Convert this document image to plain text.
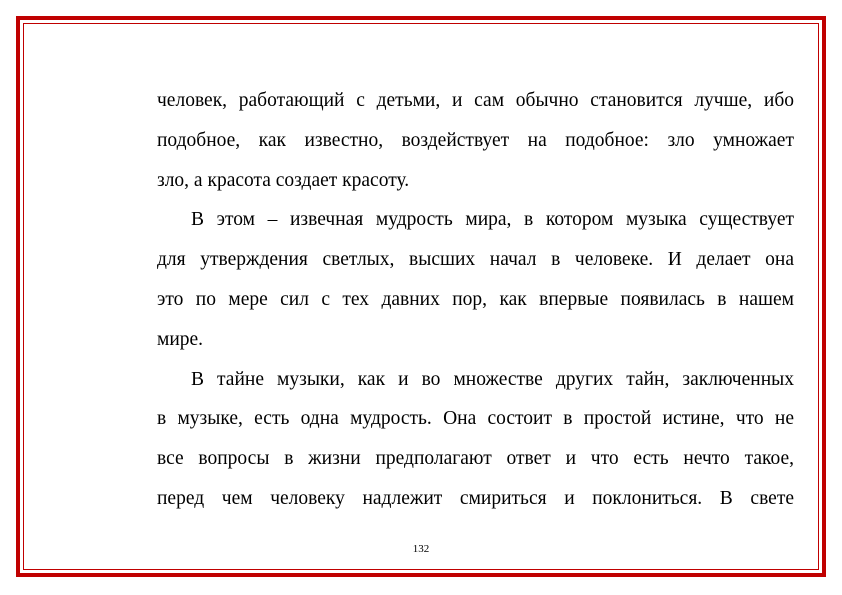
человек, работающий с детьми, и сам обычно становится лучше, ибо
подобное, как известно, воздействует на подобное: зло умножает
зло, а красота создает красоту.
В этом – извечная мудрость мира, в котором музыка существует
для утверждения светлых, высших начал в человеке. И делает она
это по мере сил с тех давних пор, как впервые появилась в нашем
мире.
В тайне музыки, как и во множестве других тайн, заключенных
в музыке, есть одна мудрость. Она состоит в простой истине, что не
все вопросы в жизни предполагают ответ и что есть нечто такое,
перед чем человеку надлежит смириться и поклониться. В свете
132
